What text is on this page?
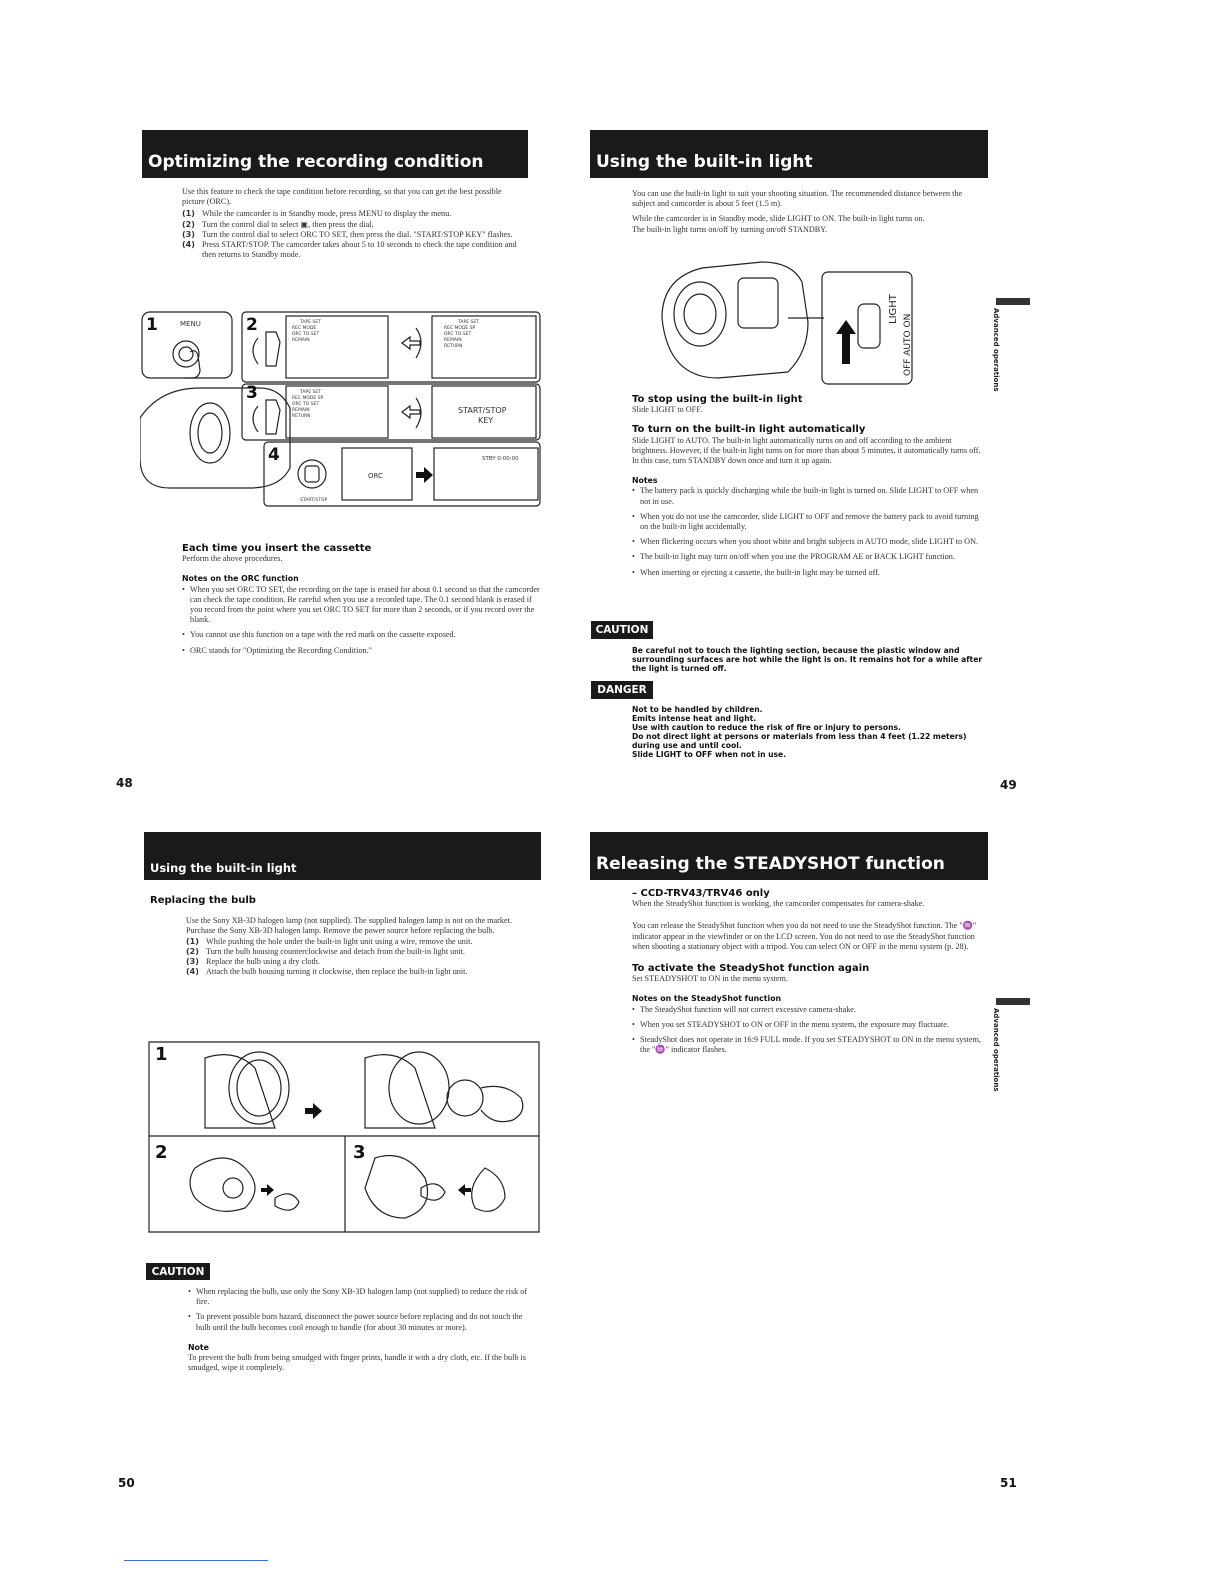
Optimizing the recording condition

Use this feature to check the tape condition before recording, so that you can get the best possible picture (ORC).

(1) While the camcorder is in Standby mode, press MENU to display the menu.
(2) Turn the control dial to select ▣, then press the dial.
(3) Turn the control dial to select ORC TO SET, then press the dial. "START/STOP KEY" flashes.
(4) Press START/STOP. The camcorder takes about 5 to 10 seconds to check the tape condition and then returns to Standby mode.
1	MENU	2
3
4
TAPE SET
REC MODE
ORC TO SET
REMAIN
TAPE SET
REC MODE SP
ORC TO SET
REMAIN
RETURN
TAPE SET
REC MODE SP
ORC TO SET
REMAIN
RETURN
START/STOP
KEY
ORC
STBY 0:00:00
START/STOP
Each time you insert the cassette

Perform the above procedures.

Notes on the ORC function

• When you set ORC TO SET, the recording on the tape is erased for about 0.1 second so that the camcorder can check the tape condition. Be careful when you use a recorded tape. The 0.1 second blank is erased if you record from the point where you set ORC TO SET for more than 2 seconds, or if you record over the blank.

• You cannot use this function on a tape with the red mark on the cassette exposed.

• ORC stands for "Optimizing the Recording Condition."

48
Using the built-in light

You can use the built-in light to suit your shooting situation. The recommended distance between the subject and camcorder is about 5 feet (1.5 m).

While the camcorder is in Standby mode, slide LIGHT to ON. The built-in light turns on.

The built-in light turns on/off by turning on/off STANDBY.

LIGHT
OFF AUTO ON
To stop using the built-in light

Slide LIGHT to OFF.

To turn on the built-in light automatically

Slide LIGHT to AUTO. The built-in light automatically turns on and off according to the ambient brightness. However, if the built-in light turns on for more than about 5 minutes, it automatically turns off. In this case, turn STANDBY down once and turn it up again.

Notes

• The battery pack is quickly discharging while the built-in light is turned on. Slide LIGHT to OFF when not in use.

• When you do not use the camcorder, slide LIGHT to OFF and remove the battery pack to avoid turning on the built-in light accidentally.

• When flickering occurs when you shoot white and bright subjects in AUTO mode, slide LIGHT to ON.

• The built-in light may turn on/off when you use the PROGRAM AE or BACK LIGHT function.

• When inserting or ejecting a cassette, the built-in light may be turned off.

CAUTION

Be careful not to touch the lighting section, because the plastic window and surrounding surfaces are hot while the light is on. It remains hot for a while after the light is turned off.

DANGER

Not to be handled by children.

Emits intense heat and light.

Use with caution to reduce the risk of fire or injury to persons.

Do not direct light at persons or materials from less than 4 feet (1.22 meters) during use and until cool.

Slide LIGHT to OFF when not in use.

Advanced operations
49
Using the built-in light
Replacing the bulb

Use the Sony XB-3D halogen lamp (not supplied). The supplied halogen lamp is not on the market. Purchase the Sony XB-3D halogen lamp. Remove the power source before replacing the bulb.

(1) While pushing the hole under the built-in light unit using a wire, remove the unit.
(2) Turn the bulb housing counterclockwise and detach from the built-in light unit.
(3) Replace the bulb using a dry cloth.
(4) Attach the bulb housing turning it clockwise, then replace the built-in light unit.
1
2	3
CAUTION

• When replacing the bulb, use only the Sony XB-3D halogen lamp (not supplied) to reduce the risk of fire.

• To prevent possible burn hazard, disconnect the power source before replacing and do not touch the bulb until the bulb becomes cool enough to handle (for about 30 minutes or more).

Note

To prevent the bulb from being smudged with finger prints, handle it with a dry cloth, etc. If the bulb is smudged, wipe it completely.

50
Releasing the STEADYSHOT function
– CCD-TRV43/TRV46 only

When the SteadyShot function is working, the camcorder compensates for camera-shake.

You can release the SteadyShot function when you do not need to use the SteadyShot function. The "♒" indicator appear in the viewfinder or on the LCD screen. You do not need to use the SteadyShot function when shooting a stationary object with a tripod. You can select ON or OFF in the menu system (p. 28).

To activate the SteadyShot function again

Set STEADYSHOT to ON in the menu system.

Notes on the SteadyShot function

• The SteadyShot function will not correct excessive camera-shake.

• When you set STEADYSHOT to ON or OFF in the menu system, the exposure may fluctuate.

• SteadyShot does not operate in 16:9 FULL mode. If you set STEADYSHOT to ON in the menu system, the "♒" indicator flashes.	Advanced operations
51
